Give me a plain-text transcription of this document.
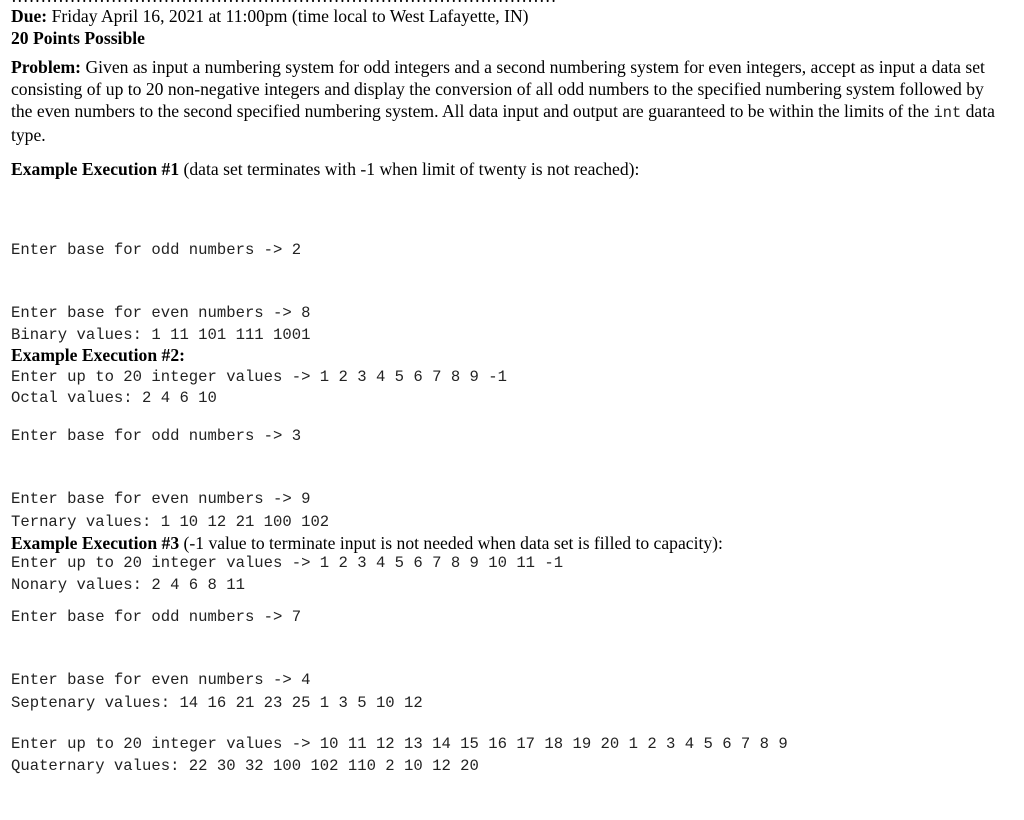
Due: Friday April 16, 2021 at 11:00pm (time local to West Lafayette, IN)
20 Points Possible
Problem: Given as input a numbering system for odd integers and a second numbering system for even integers, accept as input a data set consisting of up to 20 non-negative integers and display the conversion of all odd numbers to the specified numbering system followed by the even numbers to the second specified numbering system. All data input and output are guaranteed to be within the limits of the int data type.
Example Execution #1 (data set terminates with -1 when limit of twenty is not reached):

Enter base for odd numbers -> 2

Enter base for even numbers -> 8

Enter up to 20 integer values -> 1 2 3 4 5 6 7 8 9 -1

Binary values: 1 11 101 111 1001

Octal values: 2 4 6 10

Example Execution #2:

Enter base for odd numbers -> 3

Enter base for even numbers -> 9

Enter up to 20 integer values -> 1 2 3 4 5 6 7 8 9 10 11 -1

Ternary values: 1 10 12 21 100 102

Nonary values: 2 4 6 8 11

Example Execution #3 (-1 value to terminate input is not needed when data set is filled to capacity):

Enter base for odd numbers -> 7

Enter base for even numbers -> 4

Enter up to 20 integer values -> 10 11 12 13 14 15 16 17 18 19 20 1 2 3 4 5 6 7 8 9

Septenary values: 14 16 21 23 25 1 3 5 10 12

Quaternary values: 22 30 32 100 102 110 2 10 12 20
